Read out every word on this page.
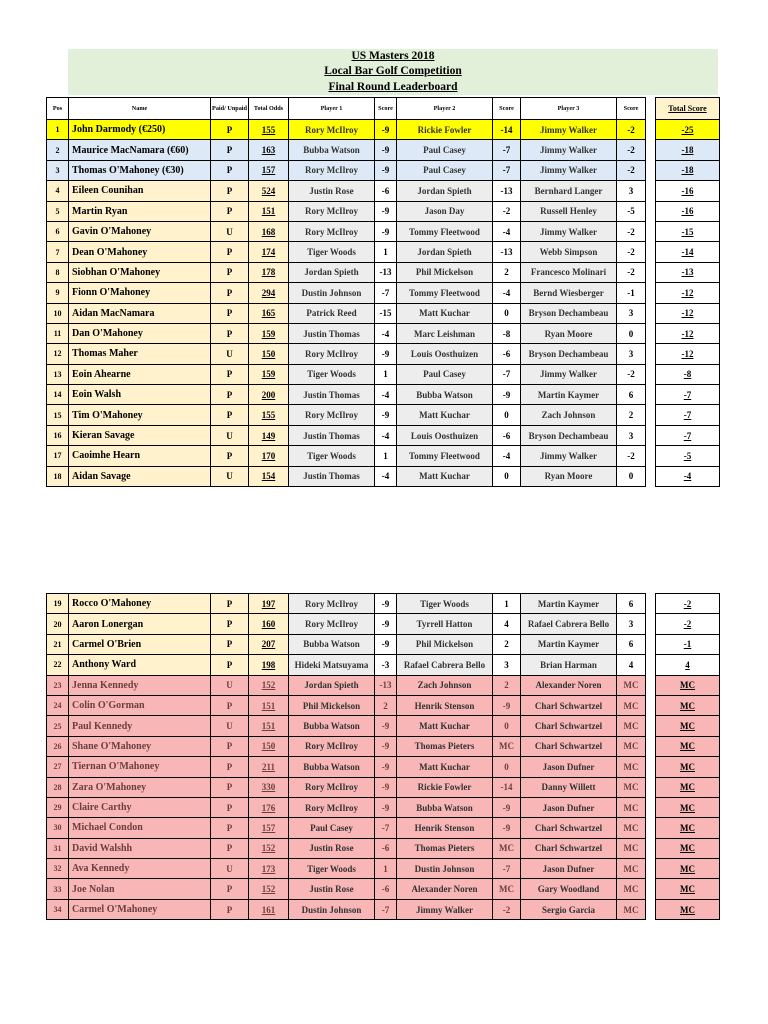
US Masters 2018
Local Bar Golf Competition
Final Round Leaderboard
Pos	Name	Paid/ Unpaid	Total Odds	Player 1	Score	Player 2	Score	Player 3	Score		Total Score
1	John Darmody (€250)	P	155	Rory McIlroy	-9	Rickie Fowler	-14	Jimmy Walker	-2		-25
2	Maurice MacNamara (€60)	P	163	Bubba Watson	-9	Paul Casey	-7	Jimmy Walker	-2		-18
3	Thomas O'Mahoney (€30)	P	157	Rory McIlroy	-9	Paul Casey	-7	Jimmy Walker	-2		-18
4	Eileen Counihan	P	524	Justin Rose	-6	Jordan Spieth	-13	Bernhard Langer	3		-16
5	Martin Ryan	P	151	Rory McIlroy	-9	Jason Day	-2	Russell Henley	-5		-16
6	Gavin O'Mahoney	U	168	Rory McIlroy	-9	Tommy Fleetwood	-4	Jimmy Walker	-2		-15
7	Dean O'Mahoney	P	174	Tiger Woods	1	Jordan Spieth	-13	Webb Simpson	-2		-14
8	Siobhan O'Mahoney	P	178	Jordan Spieth	-13	Phil Mickelson	2	Francesco Molinari	-2		-13
9	Fionn O'Mahoney	P	294	Dustin Johnson	-7	Tommy Fleetwood	-4	Bernd Wiesberger	-1		-12
10	Aidan MacNamara	P	165	Patrick Reed	-15	Matt Kuchar	0	Bryson Dechambeau	3		-12
11	Dan O'Mahoney	P	159	Justin Thomas	-4	Marc Leishman	-8	Ryan Moore	0		-12
12	Thomas Maher	U	150	Rory McIlroy	-9	Louis Oosthuizen	-6	Bryson Dechambeau	3		-12
13	Eoin Ahearne	P	159	Tiger Woods	1	Paul Casey	-7	Jimmy Walker	-2		-8
14	Eoin Walsh	P	200	Justin Thomas	-4	Bubba Watson	-9	Martin Kaymer	6		-7
15	Tim O'Mahoney	P	155	Rory McIlroy	-9	Matt Kuchar	0	Zach Johnson	2		-7
16	Kieran Savage	U	149	Justin Thomas	-4	Louis Oosthuizen	-6	Bryson Dechambeau	3		-7
17	Caoimhe Hearn	P	170	Tiger Woods	1	Tommy Fleetwood	-4	Jimmy Walker	-2		-5
18	Aidan Savage	U	154	Justin Thomas	-4	Matt Kuchar	0	Ryan Moore	0		-4
19	Rocco O'Mahoney	P	197	Rory McIlroy	-9	Tiger Woods	1	Martin Kaymer	6		-2
20	Aaron Lonergan	P	160	Rory McIlroy	-9	Tyrrell Hatton	4	Rafael Cabrera Bello	3		-2
21	Carmel O'Brien	P	207	Bubba Watson	-9	Phil Mickelson	2	Martin Kaymer	6		-1
22	Anthony Ward	P	198	Hideki Matsuyama	-3	Rafael Cabrera Bello	3	Brian Harman	4		4
23	Jenna Kennedy	U	152	Jordan Spieth	-13	Zach Johnson	2	Alexander Noren	MC		MC
24	Colin O'Gorman	P	151	Phil Mickelson	2	Henrik Stenson	-9	Charl Schwartzel	MC		MC
25	Paul Kennedy	U	151	Bubba Watson	-9	Matt Kuchar	0	Charl Schwartzel	MC		MC
26	Shane O'Mahoney	P	150	Rory McIlroy	-9	Thomas Pieters	MC	Charl Schwartzel	MC		MC
27	Tiernan O'Mahoney	P	211	Bubba Watson	-9	Matt Kuchar	0	Jason Dufner	MC		MC
28	Zara O'Mahoney	P	330	Rory McIlroy	-9	Rickie Fowler	-14	Danny Willett	MC		MC
29	Claire Carthy	P	176	Rory McIlroy	-9	Bubba Watson	-9	Jason Dufner	MC		MC
30	Michael Condon	P	157	Paul Casey	-7	Henrik Stenson	-9	Charl Schwartzel	MC		MC
31	David Walshh	P	152	Justin Rose	-6	Thomas Pieters	MC	Charl Schwartzel	MC		MC
32	Ava Kennedy	U	173	Tiger Woods	1	Dustin Johnson	-7	Jason Dufner	MC		MC
33	Joe Nolan	P	152	Justin Rose	-6	Alexander Noren	MC	Gary Woodland	MC		MC
34	Carmel O'Mahoney	P	161	Dustin Johnson	-7	Jimmy Walker	-2	Sergio Garcia	MC		MC
